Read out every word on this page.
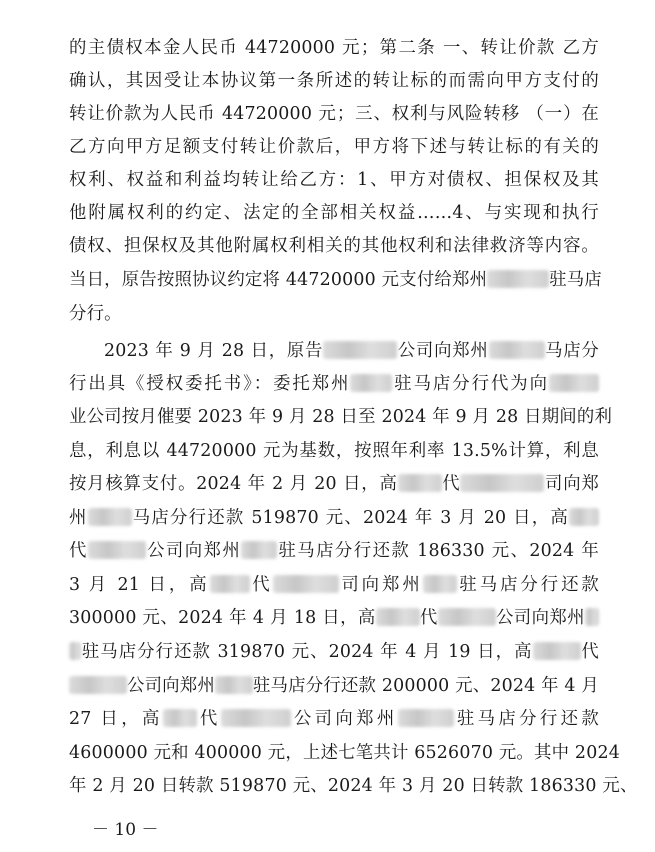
的主债权本金人民币 44720000 元；第二条 一、转让价款 乙方
确认，其因受让本协议第一条所述的转让标的而需向甲方支付的
转让价款为人民币 44720000 元；三、权利与风险转移 （一）在
乙方向甲方足额支付转让价款后，甲方将下述与转让标的有关的
权利、权益和利益均转让给乙方：1、甲方对债权、担保权及其
他附属权利的约定、法定的全部相关权益……4、与实现和执行
债权、担保权及其他附属权利相关的其他权利和法律救济等内容。
当日，原告按照协议约定将 44720000 元支付给郑州	驻马店
分行。
2023 年 9 月 28 日，原告	公司向郑州	马店分
行出具《授权委托书》：委托郑州 驻马店分行代为向
业公司按月催要 2023 年 9 月 28 日至 2024 年 9 月 28 日期间的利
息，利息以 44720000 元为基数，按照年利率 13.5%计算，利息
按月核算支付。2024 年 2 月 20 日，高	代	司向郑
州	马店分行还款 519870 元、2024 年 3 月 20 日，高
代	公司向郑州 驻马店分行还款 186330 元、2024 年
3 月 21 日，高 代	司向郑州 驻马店分行还款
300000 元、2024 年 4 月 18 日，高	代	公司向郑州
驻马店分行还款 319870 元、2024 年 4 月 19 日，高	代
公司向郑州 驻马店分行还款 200000 元、2024 年 4 月
27 日，高 代	公司向郑州	驻马店分行还款
4600000 元和 400000 元，上述七笔共计 6526070 元。其中 2024
年 2 月 20 日转款 519870 元、2024 年 3 月 20 日转款 186330 元、
－ 10 －
